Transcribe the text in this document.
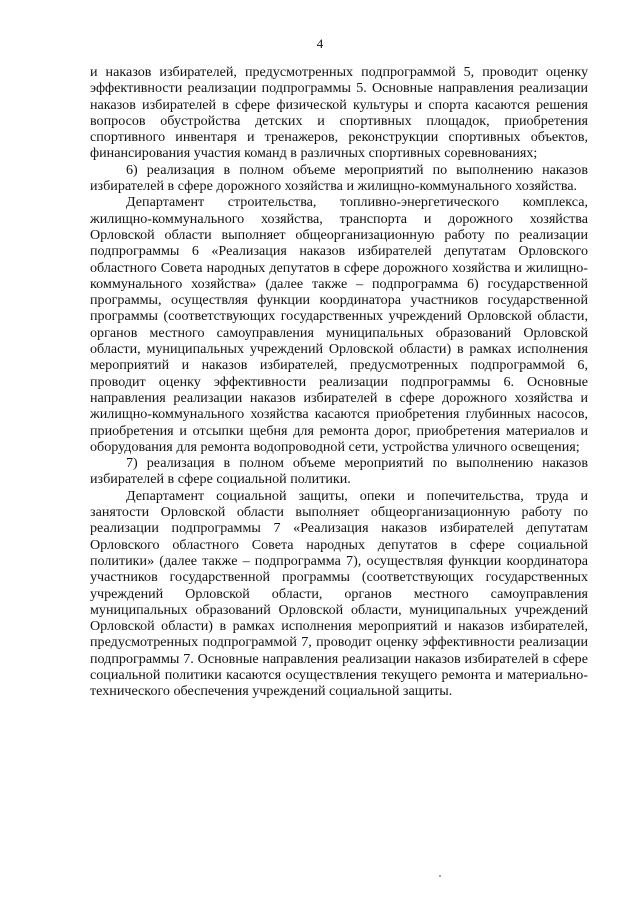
4

и наказов избирателей, предусмотренных подпрограммой 5, проводит оценку эффективности реализации подпрограммы 5. Основные направления реализации наказов избирателей в сфере физической культуры и спорта касаются решения вопросов обустройства детских и спортивных площадок, приобретения спортивного инвентаря и тренажеров, реконструкции спортивных объектов, финансирования участия команд в различных спортивных соревнованиях;

6) реализация в полном объеме мероприятий по выполнению наказов избирателей в сфере дорожного хозяйства и жилищно-коммунального хозяйства.

Департамент строительства, топливно-энергетического комплекса, жилищно-коммунального хозяйства, транспорта и дорожного хозяйства Орловской области выполняет общеорганизационную работу по реализации подпрограммы 6 «Реализация наказов избирателей депутатам Орловского областного Совета народных депутатов в сфере дорожного хозяйства и жилищно-коммунального хозяйства» (далее также – подпрограмма 6) государственной программы, осуществляя функции координатора участников государственной программы (соответствующих государственных учреждений Орловской области, органов местного самоуправления муниципальных образований Орловской области, муниципальных учреждений Орловской области) в рамках исполнения мероприятий и наказов избирателей, предусмотренных подпрограммой 6, проводит оценку эффективности реализации подпрограммы 6. Основные направления реализации наказов избирателей в сфере дорожного хозяйства и жилищно-коммунального хозяйства касаются приобретения глубинных насосов, приобретения и отсыпки щебня для ремонта дорог, приобретения материалов и оборудования для ремонта водопроводной сети, устройства уличного освещения;

7) реализация в полном объеме мероприятий по выполнению наказов избирателей в сфере социальной политики.

Департамент социальной защиты, опеки и попечительства, труда и занятости Орловской области выполняет общеорганизационную работу по реализации подпрограммы 7 «Реализация наказов избирателей депутатам Орловского областного Совета народных депутатов в сфере социальной политики» (далее также – подпрограмма 7), осуществляя функции координатора участников государственной программы (соответствующих государственных учреждений Орловской области, органов местного самоуправления муниципальных образований Орловской области, муниципальных учреждений Орловской области) в рамках исполнения мероприятий и наказов избирателей, предусмотренных подпрограммой 7, проводит оценку эффективности реализации подпрограммы 7. Основные направления реализации наказов избирателей в сфере социальной политики касаются осуществления текущего ремонта и материально-технического обеспечения учреждений социальной защиты.
